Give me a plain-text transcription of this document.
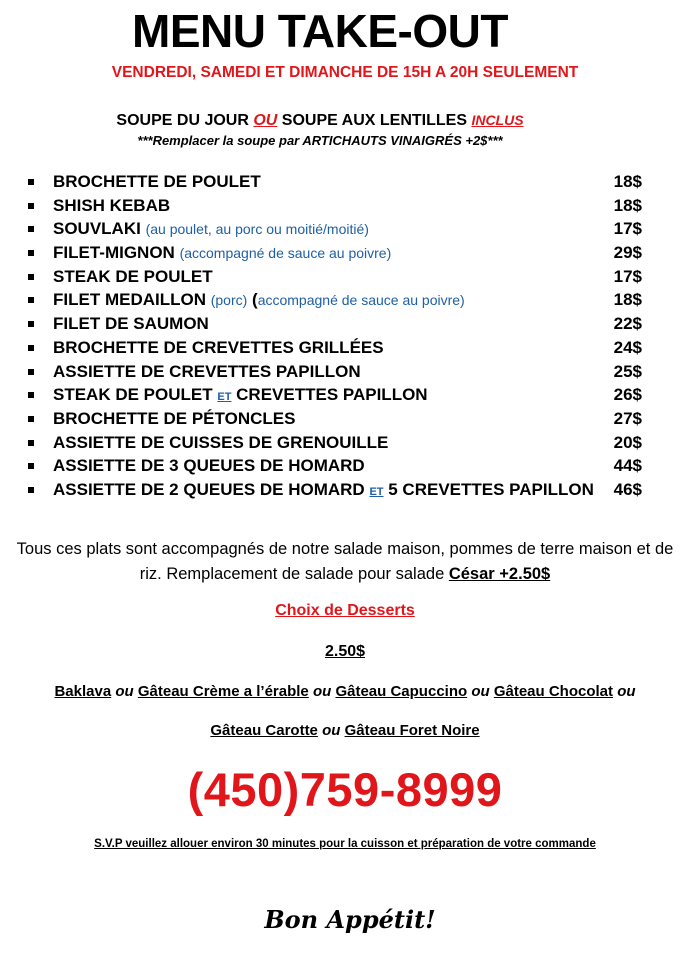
MENU TAKE-OUT
VENDREDI, SAMEDI ET DIMANCHE DE 15H A 20H SEULEMENT
SOUPE DU JOUR OU SOUPE AUX LENTILLES INCLUS
***Remplacer la soupe par ARTICHAUTS VINAIGRÉS +2$***
BROCHETTE DE POULET	18$
SHISH KEBAB	18$
SOUVLAKI (au poulet, au porc ou moitié/moitié)	17$
FILET-MIGNON (accompagné de sauce au poivre)	29$
STEAK DE POULET	17$
FILET MEDAILLON (porc) (accompagné de sauce au poivre)	18$
FILET DE SAUMON	22$
BROCHETTE DE CREVETTES GRILLÉES	24$
ASSIETTE DE CREVETTES PAPILLON	25$
STEAK DE POULET ET CREVETTES PAPILLON	26$
BROCHETTE DE PÉTONCLES	27$
ASSIETTE DE CUISSES DE GRENOUILLE	20$
ASSIETTE DE 3 QUEUES DE HOMARD	44$
ASSIETTE DE 2 QUEUES DE HOMARD ET 5 CREVETTES PAPILLON 46$
Tous ces plats sont accompagnés de notre salade maison, pommes de terre maison et de
riz. Remplacement de salade pour salade César +2.50$
Choix de Desserts
2.50$
Baklava ou Gâteau Crème a l’érable ou Gâteau Capuccino ou Gâteau Chocolat ou
Gâteau Carotte ou Gâteau Foret Noire
(450)759-8999
S.V.P veuillez allouer environ 30 minutes pour la cuisson et préparation de votre commande
Bon Appétit!
